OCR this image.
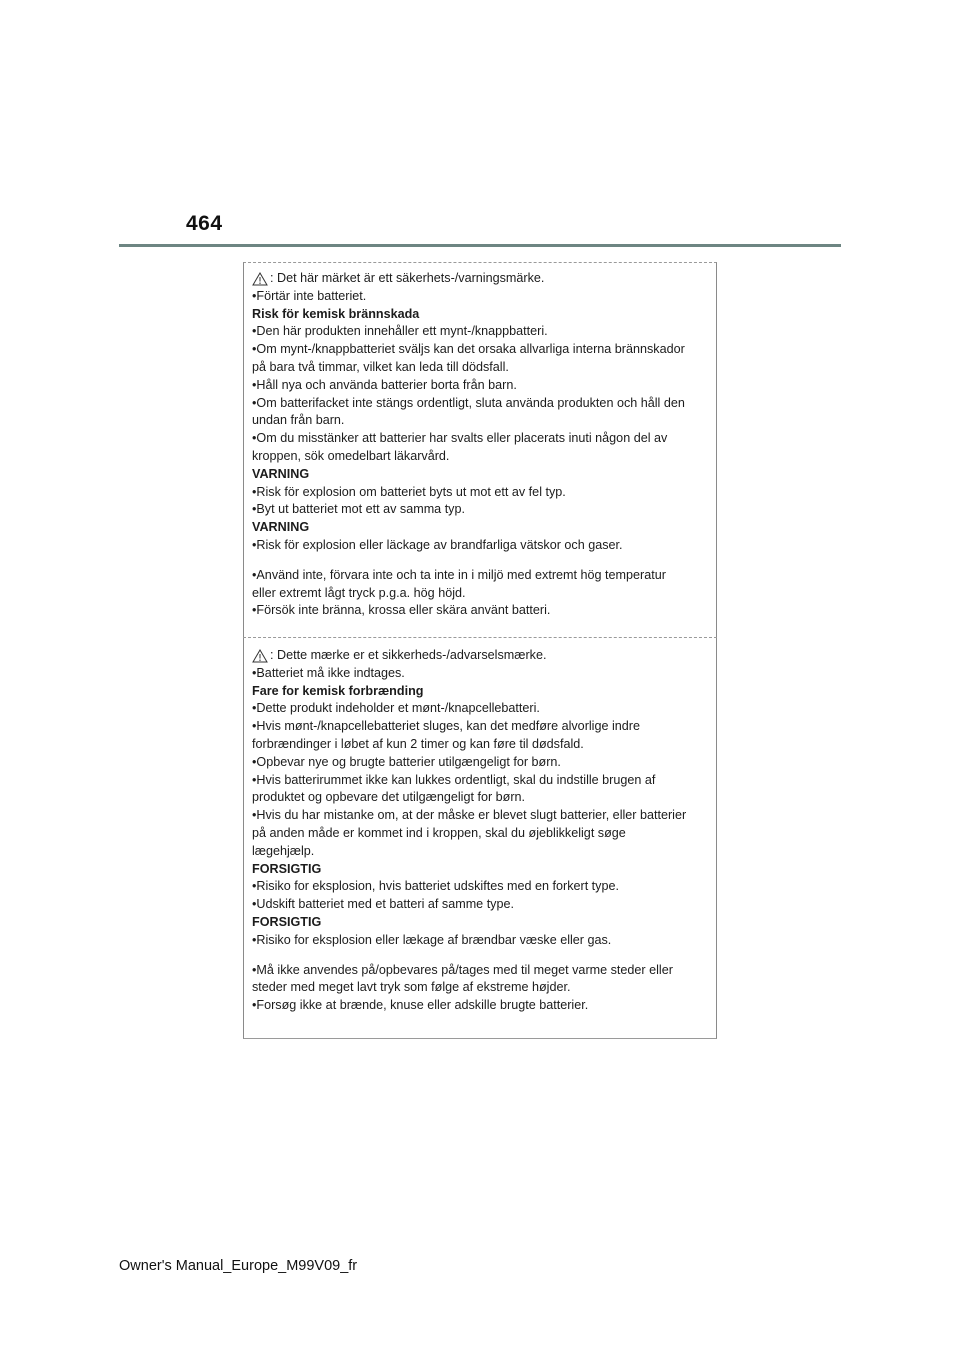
464
: Det här märket är ett säkerhets-/varningsmärke.
•Förtär inte batteriet.
Risk för kemisk brännskada
•Den här produkten innehåller ett mynt-/knappbatteri.
•Om mynt-/knappbatteriet sväljs kan det orsaka allvarliga interna brännskador
på bara två timmar, vilket kan leda till dödsfall.
•Håll nya och använda batterier borta från barn.
•Om batterifacket inte stängs ordentligt, sluta använda produkten och håll den
undan från barn.
•Om du misstänker att batterier har svalts eller placerats inuti någon del av
kroppen, sök omedelbart läkarvård.
VARNING
•Risk för explosion om batteriet byts ut mot ett av fel typ.
•Byt ut batteriet mot ett av samma typ.
VARNING
•Risk för explosion eller läckage av brandfarliga vätskor och gaser.
•Använd inte, förvara inte och ta inte in i miljö med extremt hög temperatur
eller extremt lågt tryck p.g.a. hög höjd.
•Försök inte bränna, krossa eller skära använt batteri.
: Dette mærke er et sikkerheds-/advarselsmærke.
•Batteriet må ikke indtages.
Fare for kemisk forbrænding
•Dette produkt indeholder et mønt-/knapcellebatteri.
•Hvis mønt-/knapcellebatteriet sluges, kan det medføre alvorlige indre
forbrændinger i løbet af kun 2 timer og kan føre til dødsfald.
•Opbevar nye og brugte batterier utilgængeligt for børn.
•Hvis batterirummet ikke kan lukkes ordentligt, skal du indstille brugen af
produktet og opbevare det utilgængeligt for børn.
•Hvis du har mistanke om, at der måske er blevet slugt batterier, eller batterier
på anden måde er kommet ind i kroppen, skal du øjeblikkeligt søge
lægehjælp.
FORSIGTIG
•Risiko for eksplosion, hvis batteriet udskiftes med en forkert type.
•Udskift batteriet med et batteri af samme type.
FORSIGTIG
•Risiko for eksplosion eller lækage af brændbar væske eller gas.
•Må ikke anvendes på/opbevares på/tages med til meget varme steder eller
steder med meget lavt tryk som følge af ekstreme højder.
•Forsøg ikke at brænde, knuse eller adskille brugte batterier.
Owner's Manual_Europe_M99V09_fr
